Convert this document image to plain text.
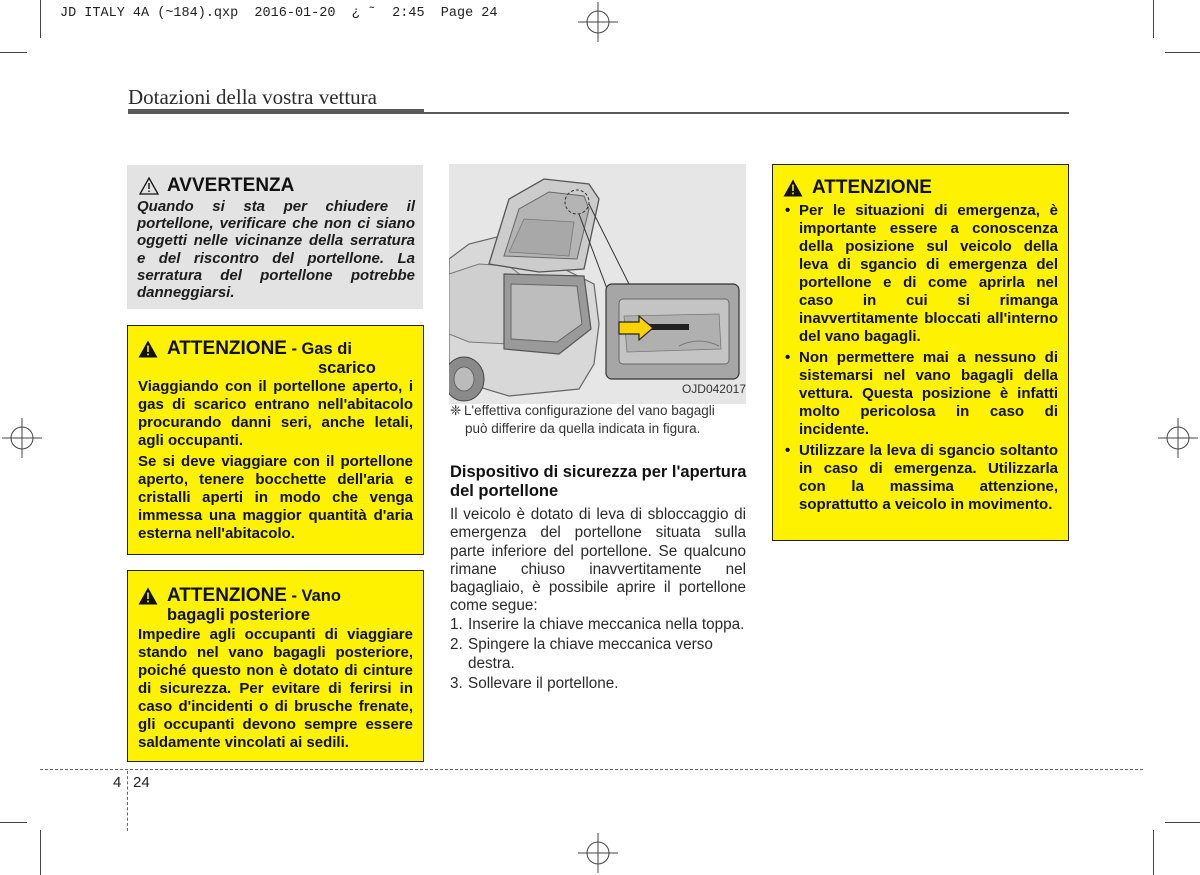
JD ITALY 4A (~184).qxp  2016-01-20  ¿ ˜  2:45  Page 24
Dotazioni della vostra vettura
AVVERTENZA
Quando si sta per chiudere il portellone, verificare che non ci siano oggetti nelle vicinanze della serratura e del riscontro del portellone. La serratura del portellone potrebbe danneggiarsi.
ATTENZIONE - Gas di
scarico

Viaggiando con il portellone aperto, i gas di scarico entrano nell'abitacolo procurando danni seri, anche letali, agli occupanti.

Se si deve viaggiare con il portellone aperto, tenere bocchette dell'aria e cristalli aperti in modo che venga immessa una maggior quantità d'aria esterna nell'abitacolo.

ATTENZIONE - Vano
bagagli posteriore
Impedire agli occupanti di viaggiare stando nel vano bagagli posteriore, poiché questo non è dotato di cinture di sicurezza. Per evitare di ferirsi in caso d'incidenti o di brusche frenate, gli occupanti devono sempre essere saldamente vincolati ai sedili.
OJD042017
❈ L'effettiva configurazione del vano bagagli
può differire da quella indicata in figura.
Dispositivo di sicurezza per l'apertura del portellone
Il veicolo è dotato di leva di sbloccaggio di emergenza del portellone situata sulla parte inferiore del portellone. Se qualcuno rimane chiuso inavvertitamente nel bagagliaio, è possibile aprire il portellone come segue:
1. Inserire la chiave meccanica nella toppa.
2. Spingere la chiave meccanica verso destra.
3. Sollevare il portellone.
ATTENZIONE
• Per le situazioni di emergenza, è importante essere a conoscenza della posizione sul veicolo della leva di sgancio di emergenza del portellone e di come aprirla nel caso in cui si rimanga inavvertitamente bloccati all'interno del vano bagagli.
• Non permettere mai a nessuno di sistemarsi nel vano bagagli della vettura. Questa posizione è infatti molto pericolosa in caso di incidente.
• Utilizzare la leva di sgancio soltanto in caso di emergenza. Utilizzarla con la massima attenzione, soprattutto a veicolo in movimento.
4 24
